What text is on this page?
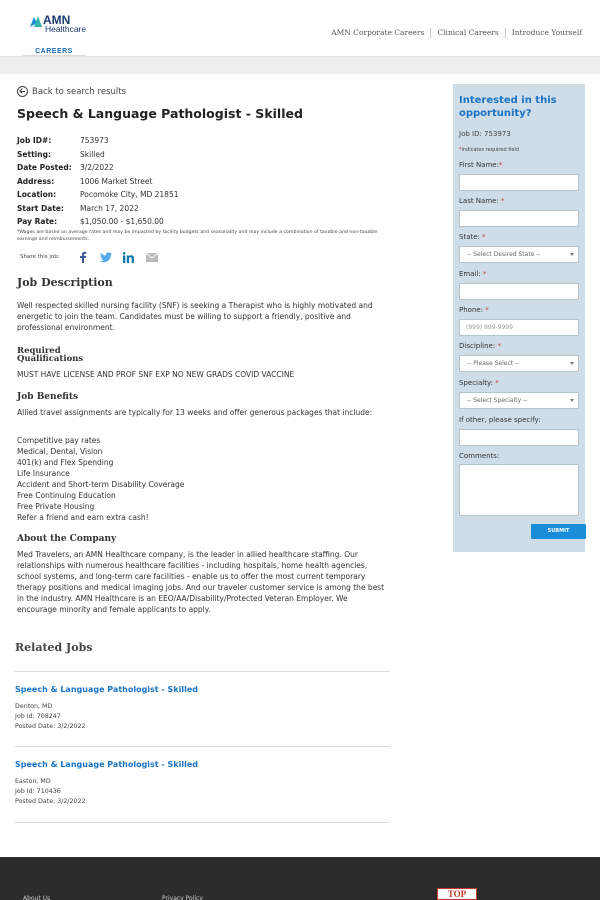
AMN
Healthcare
CAREERS
AMN Corporate Careers	Clinical Careers	Introduce Yourself
Back to search results
Speech & Language Pathologist - Skilled
Job ID#:	753973
Setting:	Skilled
Date Posted:	3/2/2022
Address:	1006 Market Street
Location:	Pocomoke City, MD 21851
Start Date:	March 17, 2022
Pay Rate:	$1,050.00 - $1,650.00

*Wages are based on average rates and may be impacted by facility budgets and seasonality and may include a combination of taxable and non-taxable earnings and reimbursements.

Share this job:
Job Description

Well respected skilled nursing facility (SNF) is seeking a Therapist who is highly motivated and energetic to join the team. Candidates must be willing to support a friendly, positive and professional environment.

Required
Qualifications

MUST HAVE LICENSE AND PROF SNF EXP NO NEW GRADS COVID VACCINE

Job Benefits

Allied travel assignments are typically for 13 weeks and offer generous packages that include:

Competitive pay rates
Medical, Dental, Vision
401(k) and Flex Spending
Life Insurance
Accident and Short-term Disability Coverage
Free Continuing Education
Free Private Housing
Refer a friend and earn extra cash!
About the Company

Med Travelers, an AMN Healthcare company, is the leader in allied healthcare staffing. Our relationships with numerous healthcare facilities - including hospitals, home health agencies, school systems, and long-term care facilities - enable us to offer the most current temporary therapy positions and medical imaging jobs. And our traveler customer service is among the best in the industry. AMN Healthcare is an EEO/AA/Disability/Protected Veteran Employer. We encourage minority and female applicants to apply.

Related Jobs
Speech & Language Pathologist - Skilled
Denton, MD
Job Id: 708247
Posted Date: 3/2/2022
Speech & Language Pathologist - Skilled
Easton, MD
Job Id: 710436
Posted Date: 3/2/2022
Interested in this
opportunity?
Job ID: 753973
*indicates required field
First Name:*
Last Name: *
State: *
-- Select Desired State --
Email: *
Phone: *
(999) 999-9999
Discipline: *
-- Please Select --
Specialty: *
-- Select Specialty --
If other, please specify:
Comments:
SUBMIT
About Us	Privacy Policy	TOP
